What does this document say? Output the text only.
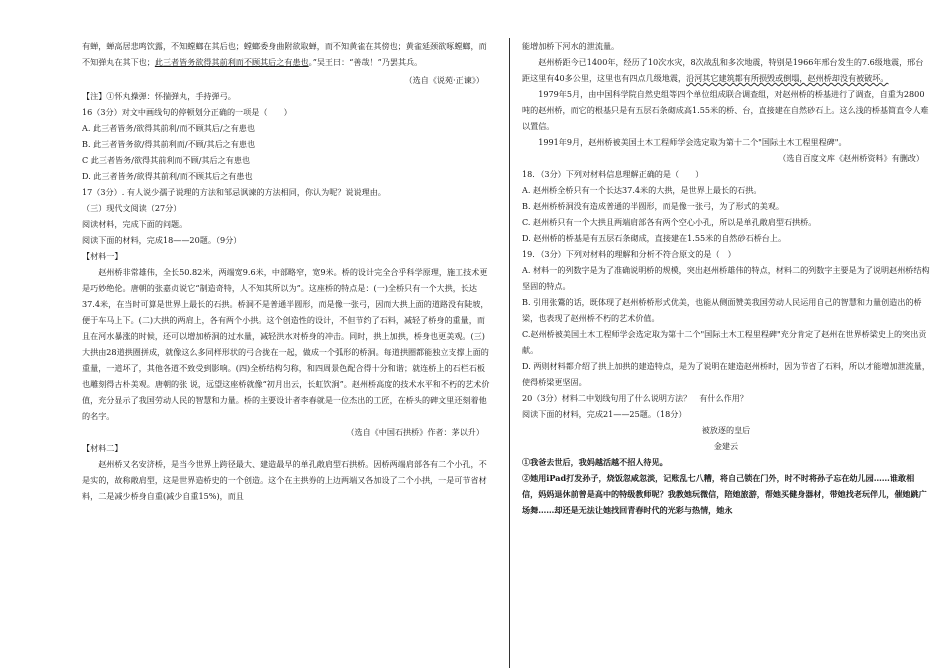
有蝉，蝉高居悲鸣饮露，不知螳螂在其后也；螳螂委身曲附欲取蝉，而不知黄雀在其傍也；黄雀延颈欲啄螳螂，而不知弹丸在其下也；此三者皆务欲得其前利而不顾其后之有患也。”吴王曰：“善哉！”乃罢其兵。

（选自《说苑·正谏》）

【注】①怀丸操弹：怀揣弹丸，手持弹弓。

16（3分）对文中画线句的停顿划分正确的一项是（　　）

A. 此三者皆务/欲得其前利/而不顾其后/之有患也

B. 此三者皆务欲/得其前利而/不顾/其后之有患也

C 此三者皆务/欲得其前利而不顾/其后之有患也

D. 此三者皆务/欲得其前利/而不顾其后之有患也

17（3分）. 有人说少孺子说理的方法和邹忌讽谏的方法相同，你认为呢？说说理由。

（三）现代文阅读（27分）

阅读材料，完成下面的问题。

阅读下面的材料，完成18——20题。（9分）

【材料一】

赵州桥非常雄伟，全长50.82米，两端宽9.6米，中部略窄，宽9米。桥的设计完全合乎科学原理，施工技术更是巧妙绝伦。唐朝的张嘉贞说它“制造奇特，人不知其所以为”。这座桥的特点是：(一)全桥只有一个大拱，长达37.4米，在当时可算是世界上最长的石拱。桥洞不是普通半圆形，而是像一张弓，因而大拱上面的道路没有陡坡，便于车马上下。(二)大拱的两肩上，各有两个小拱。这个创造性的设计，不但节约了石料，减轻了桥身的重量，而且在河水暴涨的时候，还可以增加桥洞的过水量，减轻洪水对桥身的冲击。同时，拱上加拱，桥身也更美观。(三)大拱由28道拱圈拼成，就像这么多同样形状的弓合拢在一起，做成一个弧形的桥洞。每道拱圈都能独立支撑上面的重量，一道坏了，其他各道不致受到影响。(四)全桥结构匀称，和四周景色配合得十分和谐；就连桥上的石栏石板也雕刻得古朴美观。唐朝的张 说，远望这座桥就像“初月出云，长虹饮涧”。赵州桥高度的技术水平和不朽的艺术价值，充分显示了我国劳动人民的智慧和力量。桥的主要设计者李春就是一位杰出的工匠，在桥头的碑文里还刻着他的名字。

（选自《中国石拱桥》作者：茅以升）

【材料二】

赵州桥又名安济桥，是当今世界上跨径最大、建造最早的单孔敞肩型石拱桥。因桥两端肩部各有二个小孔，不是实的，故称敞肩型，这是世界造桥史的一个创造。这个在主拱券的上边两端又各加设了二个小拱，一是可节省材料，二是减少桥身自重(减少自重15%)，而且

能增加桥下河水的泄流量。

赵州桥距今已1400年，经历了10次水灾，8次战乱和多次地震，特别是1966年邢台发生的7.6级地震，邢台距这里有40多公里，这里也有四点几级地震，沿河其它建筑都有所损毁或倒塌，赵州桥却没有被破坏。

1979年5月，由中国科学院自然史组等四个单位组成联合调查组，对赵州桥的桥基进行了调查，自重为2800吨的赵州桥，而它的根基只是有五层石条砌成高1.55米的桥、台，直接建在自然砂石上。这么浅的桥基简直令人难以置信。

1991年9月，赵州桥被美国土木工程师学会选定取为第十二个"国际土木工程里程碑"。

（选自百度文库《赵州桥资料》有删改）

18．（3分）下列对材料信息理解正确的是（　　）

A. 赵州桥全桥只有一个长达37.4米的大拱，是世界上最长的石拱。

B. 赵州桥桥洞没有造成普通的半圆形，而是像一张弓，为了形式的美观。

C. 赵州桥只有一个大拱且两端肩部各有两个空心小孔，所以是单孔敞肩型石拱桥。

D. 赵州桥的桥基是有五层石条砌成，直接建在1.55米的自然砂石桥台上。

19．（3分）下列对材料的理解和分析不符合原文的是（　）

A. 材料一的列数字是为了准确说明桥的规模，突出赵州桥雄伟的特点，材料二的列数字主要是为了说明赵州桥结构坚固的特点。

B. 引用张鷟的话，既体现了赵州桥桥形式优美，也能从侧面赞美我国劳动人民运用自己的智慧和力量创造出的桥梁，也表现了赵州桥不朽的艺术价值。

C.赵州桥被美国土木工程师学会选定取为第十二个"国际土木工程里程碑"充分肯定了赵州在世界桥梁史上的突出贡献。

D. 两则材料都介绍了拱上加拱的建造特点，是为了说明在建造赵州桥时，因为节省了石料，所以才能增加泄流量，使得桥梁更坚固。

20（3分）材料二中划线句用了什么说明方法？　有什么作用？

阅读下面的材料，完成21——25题。（18分）

被放逐的皇后

金建云

①我爸去世后，我妈越活越不招人待见。

②她用iPad打发孙子，烧饭忽咸忽淡，记账乱七八糟，将自己锁在门外，时不时将孙子忘在幼儿园……谁敢相信，妈妈退休前曾是高中的特级教师呢？我教她玩微信，陪她旅游，帮她买健身器材，带她找老玩伴儿，催她跳广场舞……却还是无法让她找回青春时代的光彩与热情，她永
